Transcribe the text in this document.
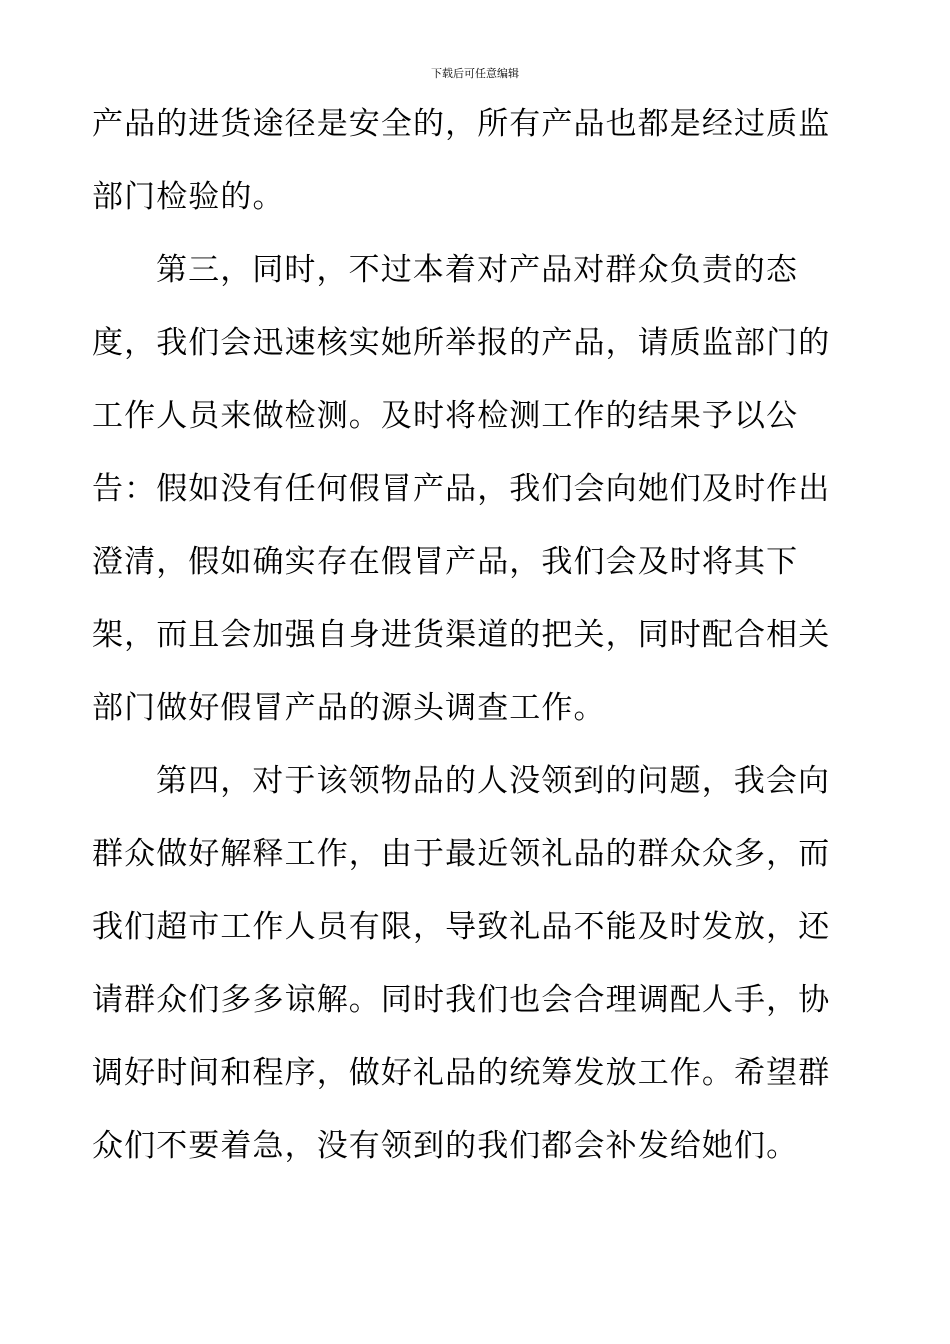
下载后可任意编辑

产品的进货途径是安全的，所有产品也都是经过质监部门检验的。

第三，同时，不过本着对产品对群众负责的态度，我们会迅速核实她所举报的产品，请质监部门的工作人员来做检测。及时将检测工作的结果予以公告：假如没有任何假冒产品，我们会向她们及时作出澄清，假如确实存在假冒产品，我们会及时将其下架，而且会加强自身进货渠道的把关，同时配合相关部门做好假冒产品的源头调查工作。

第四，对于该领物品的人没领到的问题，我会向群众做好解释工作，由于最近领礼品的群众众多，而我们超市工作人员有限，导致礼品不能及时发放，还请群众们多多谅解。同时我们也会合理调配人手，协调好时间和程序，做好礼品的统筹发放工作。希望群众们不要着急，没有领到的我们都会补发给她们。
